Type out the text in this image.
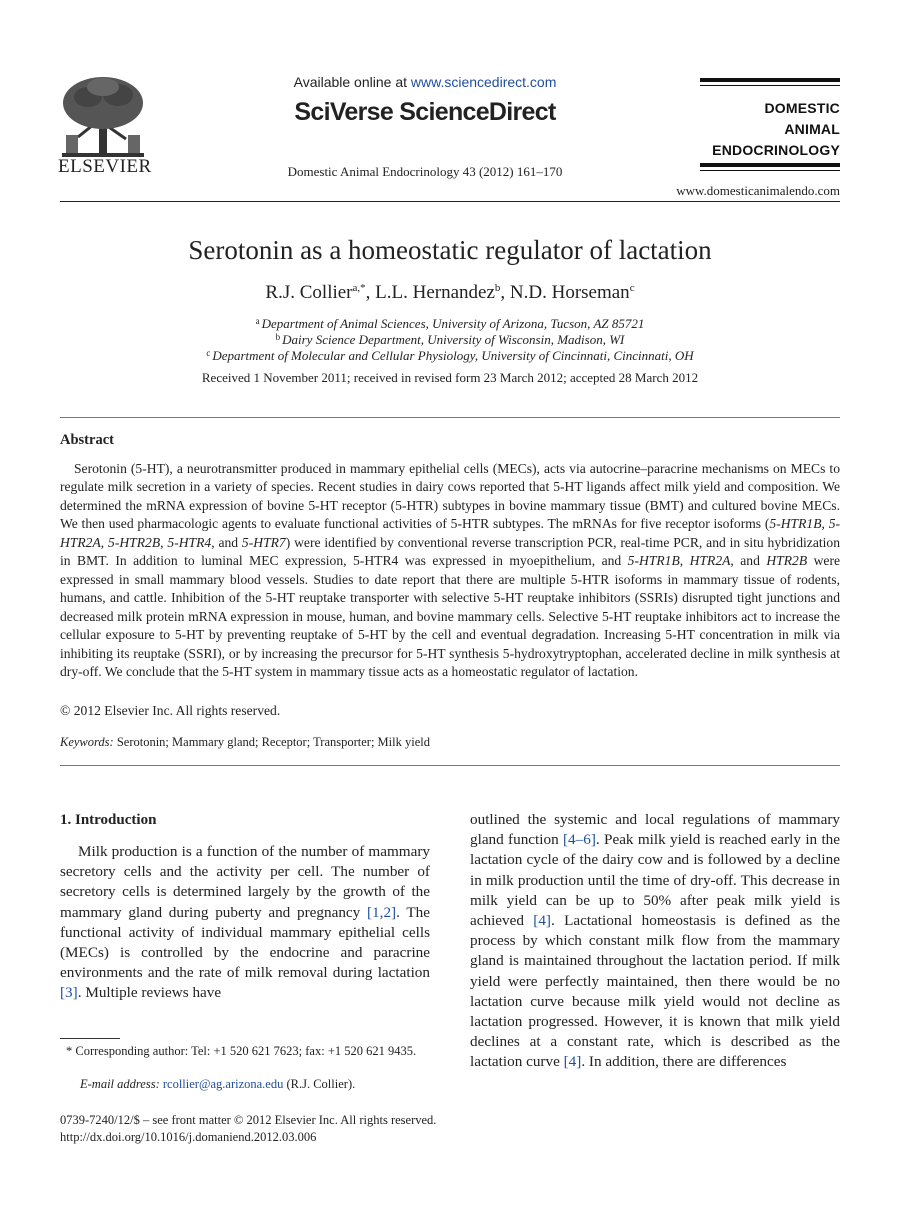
ELSEVIER
Available online at www.sciencedirect.com
SciVerse ScienceDirect
Domestic Animal Endocrinology 43 (2012) 161–170
DOMESTIC
ANIMAL
ENDOCRINOLOGY
www.domesticanimalendo.com
Serotonin as a homeostatic regulator of lactation
R.J. Collier$^{a,*}$, L.L. Hernandez$^b$, N.D. Horseman$^c$
$^a$ Department of Animal Sciences, University of Arizona, Tucson, AZ 85721
$^b$ Dairy Science Department, University of Wisconsin, Madison, WI
$^c$ Department of Molecular and Cellular Physiology, University of Cincinnati, Cincinnati, OH
Received 1 November 2011; received in revised form 23 March 2012; accepted 28 March 2012
Abstract

Serotonin (5-HT), a neurotransmitter produced in mammary epithelial cells (MECs), acts via autocrine–paracrine mechanisms on MECs to regulate milk secretion in a variety of species. Recent studies in dairy cows reported that 5-HT ligands affect milk yield and composition. We determined the mRNA expression of bovine 5-HT receptor (5-HTR) subtypes in bovine mammary tissue (BMT) and cultured bovine MECs. We then used pharmacologic agents to evaluate functional activities of 5-HTR subtypes. The mRNAs for five receptor isoforms (5-HTR1B, 5-HTR2A, 5-HTR2B, 5-HTR4, and 5-HTR7) were identified by conventional reverse transcription PCR, real-time PCR, and in situ hybridization in BMT. In addition to luminal MEC expression, 5-HTR4 was expressed in myoepithelium, and 5-HTR1B, HTR2A, and HTR2B were expressed in small mammary blood vessels. Studies to date report that there are multiple 5-HTR isoforms in mammary tissue of rodents, humans, and cattle. Inhibition of the 5-HT reuptake transporter with selective 5-HT reuptake inhibitors (SSRIs) disrupted tight junctions and decreased milk protein mRNA expression in mouse, human, and bovine mammary cells. Selective 5-HT reuptake inhibitors act to increase the cellular exposure to 5-HT by preventing reuptake of 5-HT by the cell and eventual degradation. Increasing 5-HT concentration in milk via inhibiting its reuptake (SSRI), or by increasing the precursor for 5-HT synthesis 5-hydroxytryptophan, accelerated decline in milk synthesis at dry-off. We conclude that the 5-HT system in mammary tissue acts as a homeostatic regulator of lactation.

© 2012 Elsevier Inc. All rights reserved.
Keywords: Serotonin; Mammary gland; Receptor; Transporter; Milk yield
1. Introduction

Milk production is a function of the number of mammary secretory cells and the activity per cell. The number of secretory cells is determined largely by the growth of the mammary gland during puberty and pregnancy [1,2]. The functional activity of individual mammary epithelial cells (MECs) is controlled by the endocrine and paracrine environments and the rate of milk removal during lactation [3]. Multiple reviews have

outlined the systemic and local regulations of mammary gland function [4–6]. Peak milk yield is reached early in the lactation cycle of the dairy cow and is followed by a decline in milk production until the time of dry-off. This decrease in milk yield can be up to 50% after peak milk yield is achieved [4]. Lactational homeostasis is defined as the process by which constant milk flow from the mammary gland is maintained throughout the lactation period. If milk yield were perfectly maintained, then there would be no lactation curve because milk yield would not decline as lactation progressed. However, it is known that milk yield declines at a constant rate, which is described as the lactation curve [4]. In addition, there are differences

* Corresponding author: Tel: +1 520 621 7623; fax: +1 520 621 9435.
E-mail address: rcollier@ag.arizona.edu (R.J. Collier).
0739-7240/12/$ – see front matter © 2012 Elsevier Inc. All rights reserved.
http://dx.doi.org/10.1016/j.domaniend.2012.03.006
